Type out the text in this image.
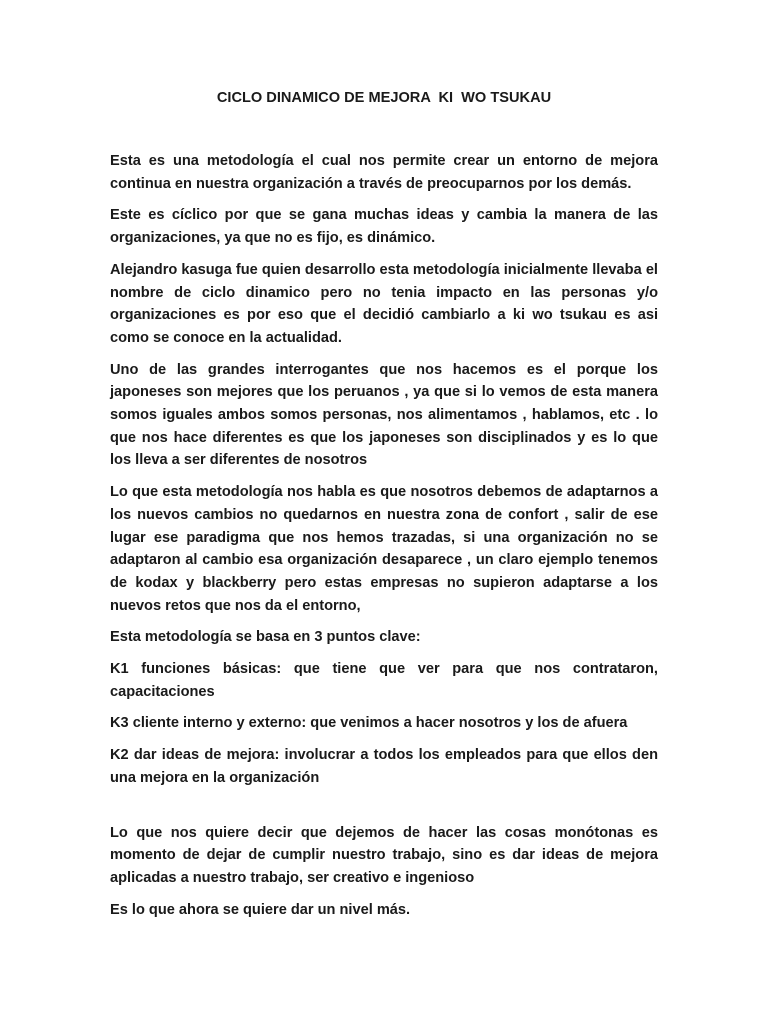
CICLO DINAMICO DE MEJORA  KI  WO TSUKAU

Esta es una metodología el cual nos permite crear un entorno de mejora continua en nuestra organización a través de preocuparnos por los demás.

Este es cíclico por que se gana muchas ideas y cambia la manera de las organizaciones, ya que no es fijo, es dinámico.

Alejandro kasuga fue quien desarrollo esta metodología inicialmente llevaba el nombre de ciclo dinamico pero no tenia impacto en las personas y/o organizaciones es por eso que el decidió cambiarlo a ki wo tsukau es asi como se conoce en la actualidad.

Uno de las grandes interrogantes que nos hacemos es el porque los japoneses son mejores que los peruanos , ya que si lo vemos de esta manera somos iguales ambos somos personas, nos alimentamos , hablamos, etc . lo que nos hace diferentes es que los japoneses son disciplinados y es lo que los lleva a ser diferentes de nosotros

Lo que esta metodología nos habla es que nosotros debemos de adaptarnos a los nuevos cambios no quedarnos en nuestra zona de confort , salir de ese lugar ese paradigma que nos hemos trazadas, si una organización no se adaptaron al cambio esa organización desaparece , un claro ejemplo tenemos de kodax y blackberry pero estas empresas no supieron adaptarse a los nuevos retos que nos da el entorno,

Esta metodología se basa en 3 puntos clave:

K1 funciones básicas: que tiene que ver para que nos contrataron, capacitaciones

K3 cliente interno y externo: que venimos a hacer nosotros y los de afuera

K2 dar ideas de mejora: involucrar a todos los empleados para que ellos den una mejora en la organización

Lo que nos quiere decir que dejemos de hacer las cosas monótonas es momento de dejar de cumplir nuestro trabajo, sino es dar ideas de mejora aplicadas a nuestro trabajo, ser creativo e ingenioso

Es lo que ahora se quiere dar un nivel más.
